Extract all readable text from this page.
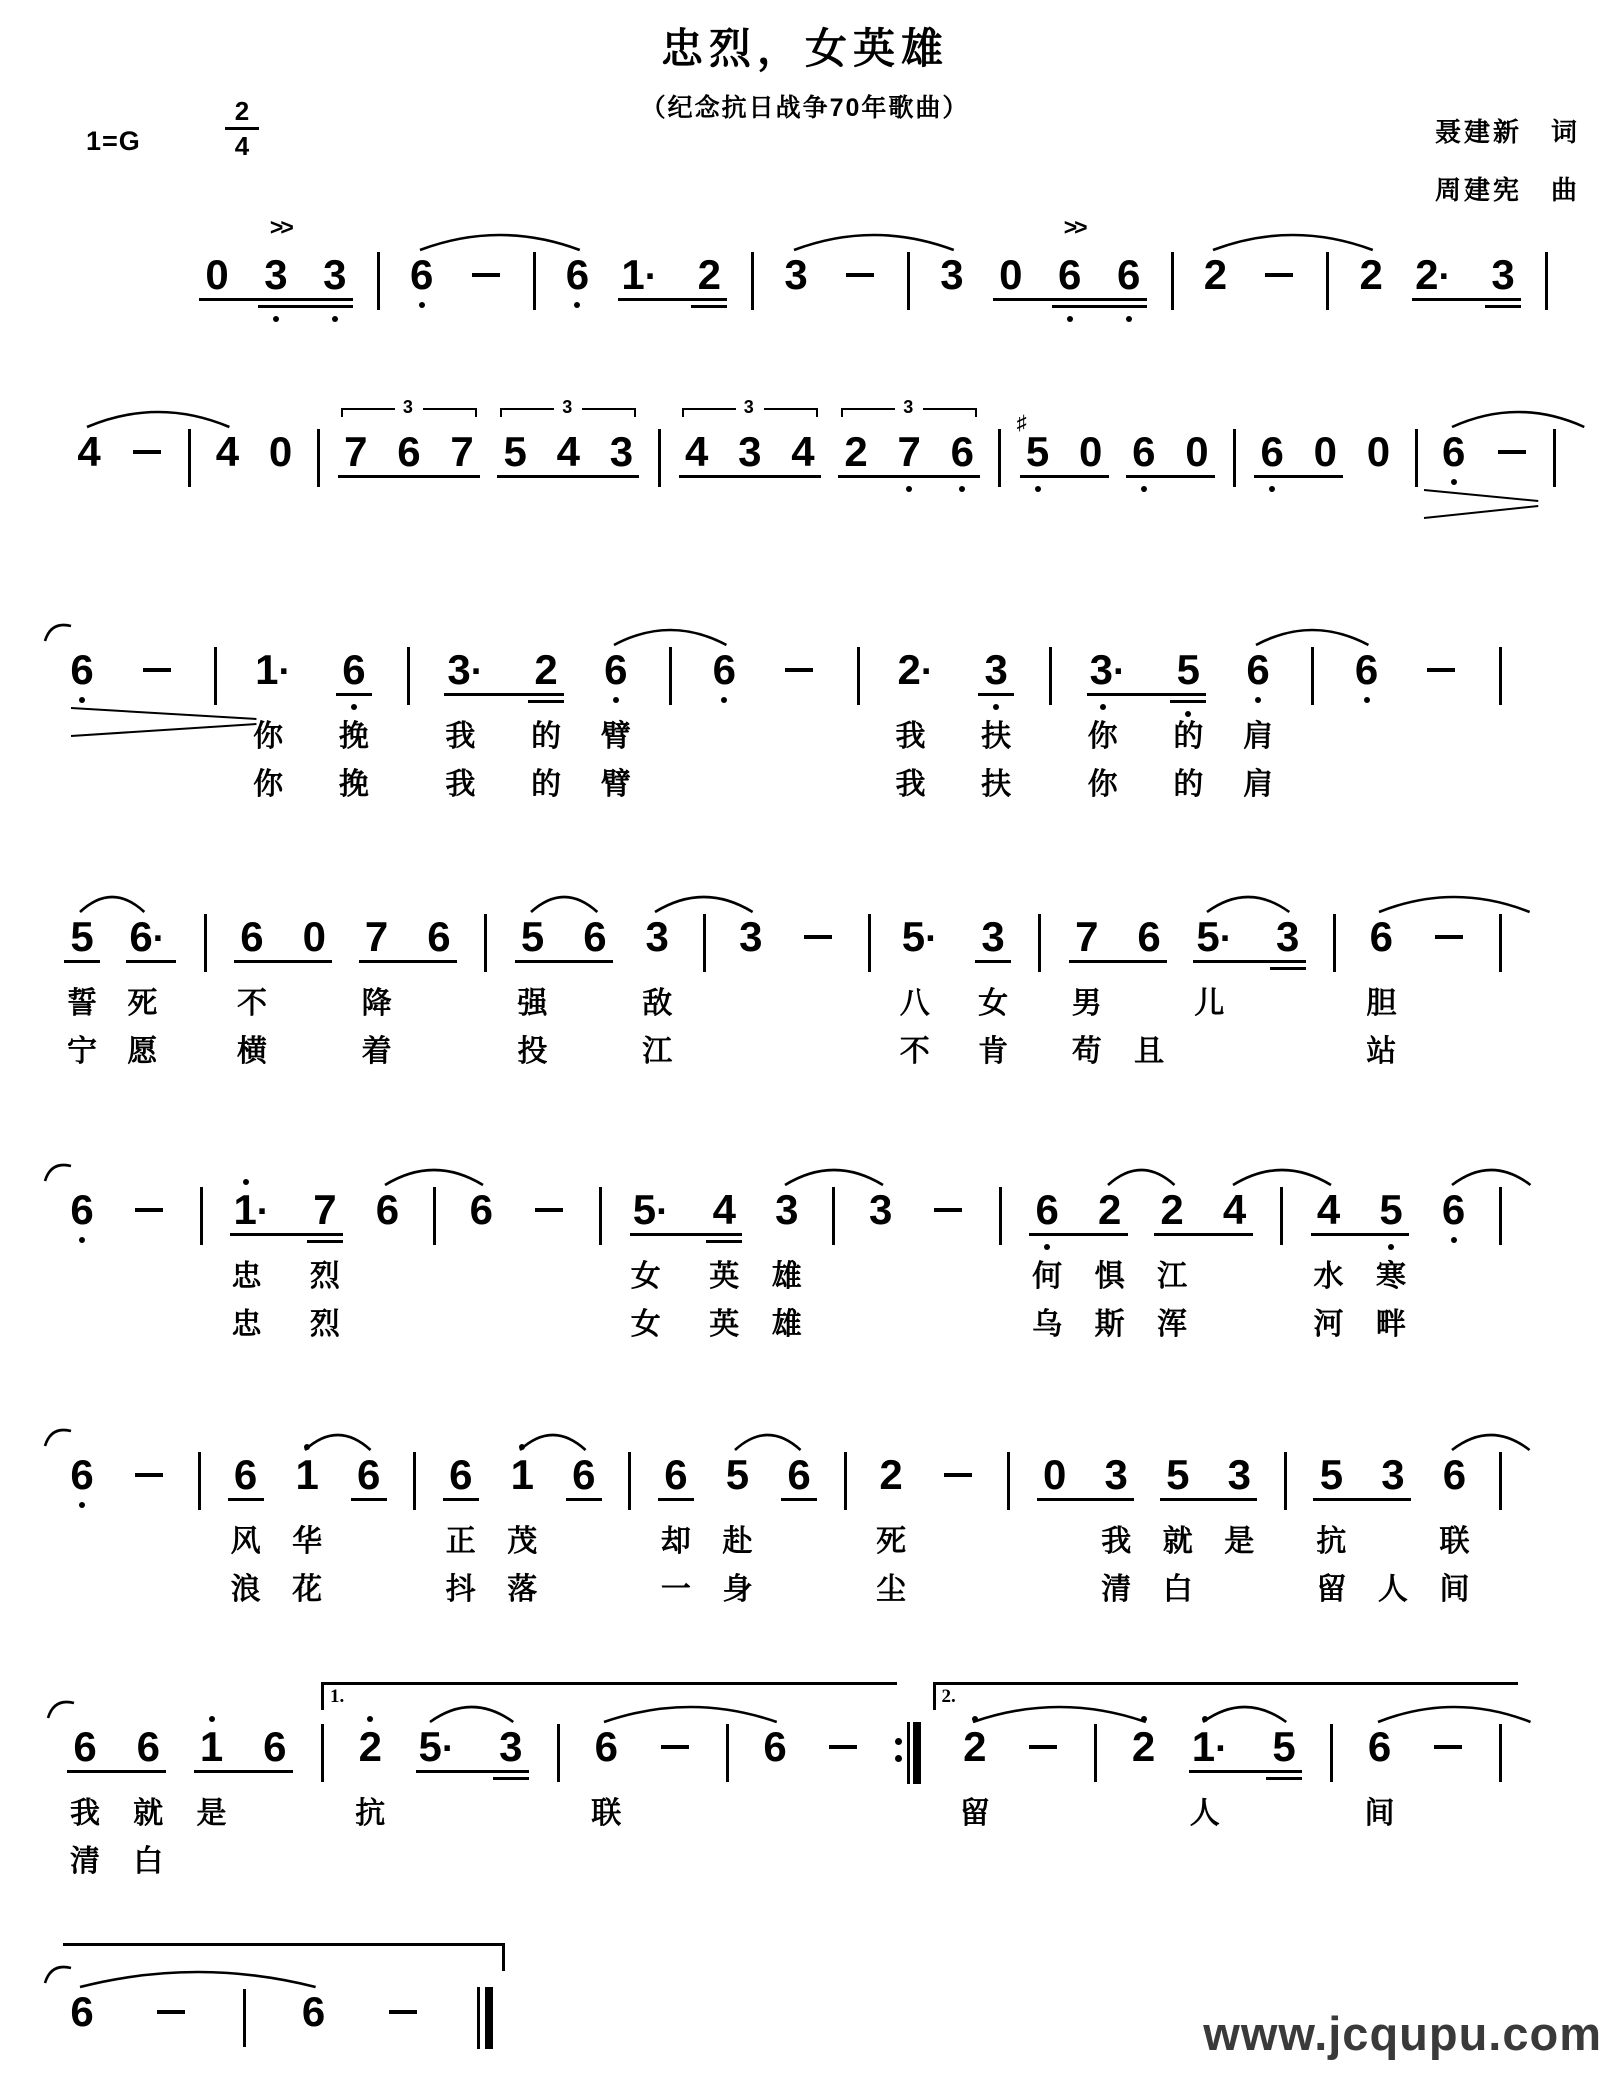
忠烈，女英雄
（纪念抗日战争70年歌曲）
聂建新　词
周建宪　曲
1=G
2
4
0 3 3 6	6 1· 2 3	3 0 6 6 2	2 2· 3
>>	>>
4	4 0 7 6 7 5 4 3 4 3 4 2 7 6 5
♯
0 6 0 6 0 0 6
3	3	3	3
6	1· 6 3· 2 6 6	2· 3 3· 5 6 6
你 挽	我 的 臂	我 扶	你 的 肩
你 挽	我 的 臂	我 扶	你 的 肩
5 6· 6 0 7 6 5 6 3 3	5· 3 7 6 5· 3 6
誓 死	不	降	强	敌	八 女 男	儿	胆
宁 愿	横	着	投	江	不 肯 苟 且	站
6	1· 7 6 6	5· 4 3 3	6 2 2 4 4 5 6
忠 烈	女 英 雄	何 惧 江	水 寒
忠 烈	女 英 雄	乌 斯 浑	河 畔
6	6 1 6 6 1 6 6 5 6 2	0 3 5 3 5 3 6
风 华	正 茂	却 赴	死	我 就 是 抗	联
浪 花	抖 落	一 身	尘	清 白	留 人 间
6 6 1 6 2 5· 3 6	6	2	2 1· 5 6
我 就 是	抗	联	留	人	间
清 白
1.	2.
6	6	www.jcqupu.com
